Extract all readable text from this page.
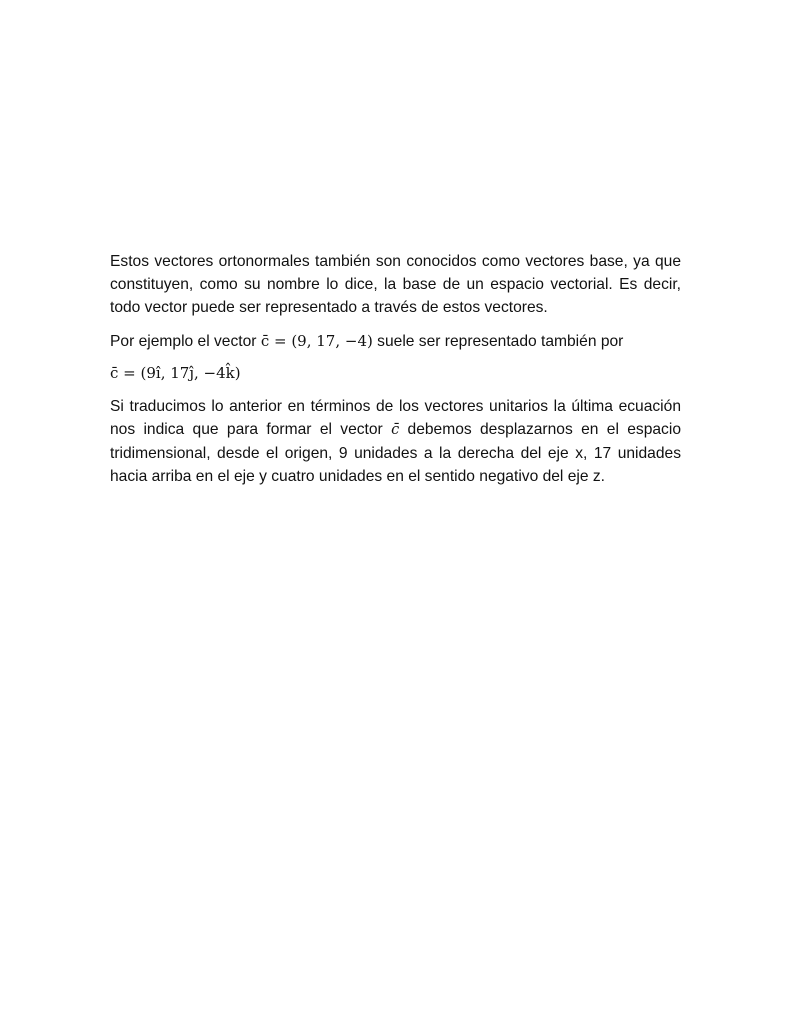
Estos vectores ortonormales también son conocidos como vectores base, ya que constituyen, como su nombre lo dice, la base de un espacio vectorial. Es decir, todo vector puede ser representado a través de estos vectores.

Por ejemplo el vector c̄ = (9, 17, −4) suele ser representado también por

c̄ = (9î, 17ĵ, −4k̂)

Si traducimos lo anterior en términos de los vectores unitarios la última ecuación nos indica que para formar el vector c̄ debemos desplazarnos en el espacio tridimensional, desde el origen, 9 unidades a la derecha del eje x, 17 unidades hacia arriba en el eje y cuatro unidades en el sentido negativo del eje z.
